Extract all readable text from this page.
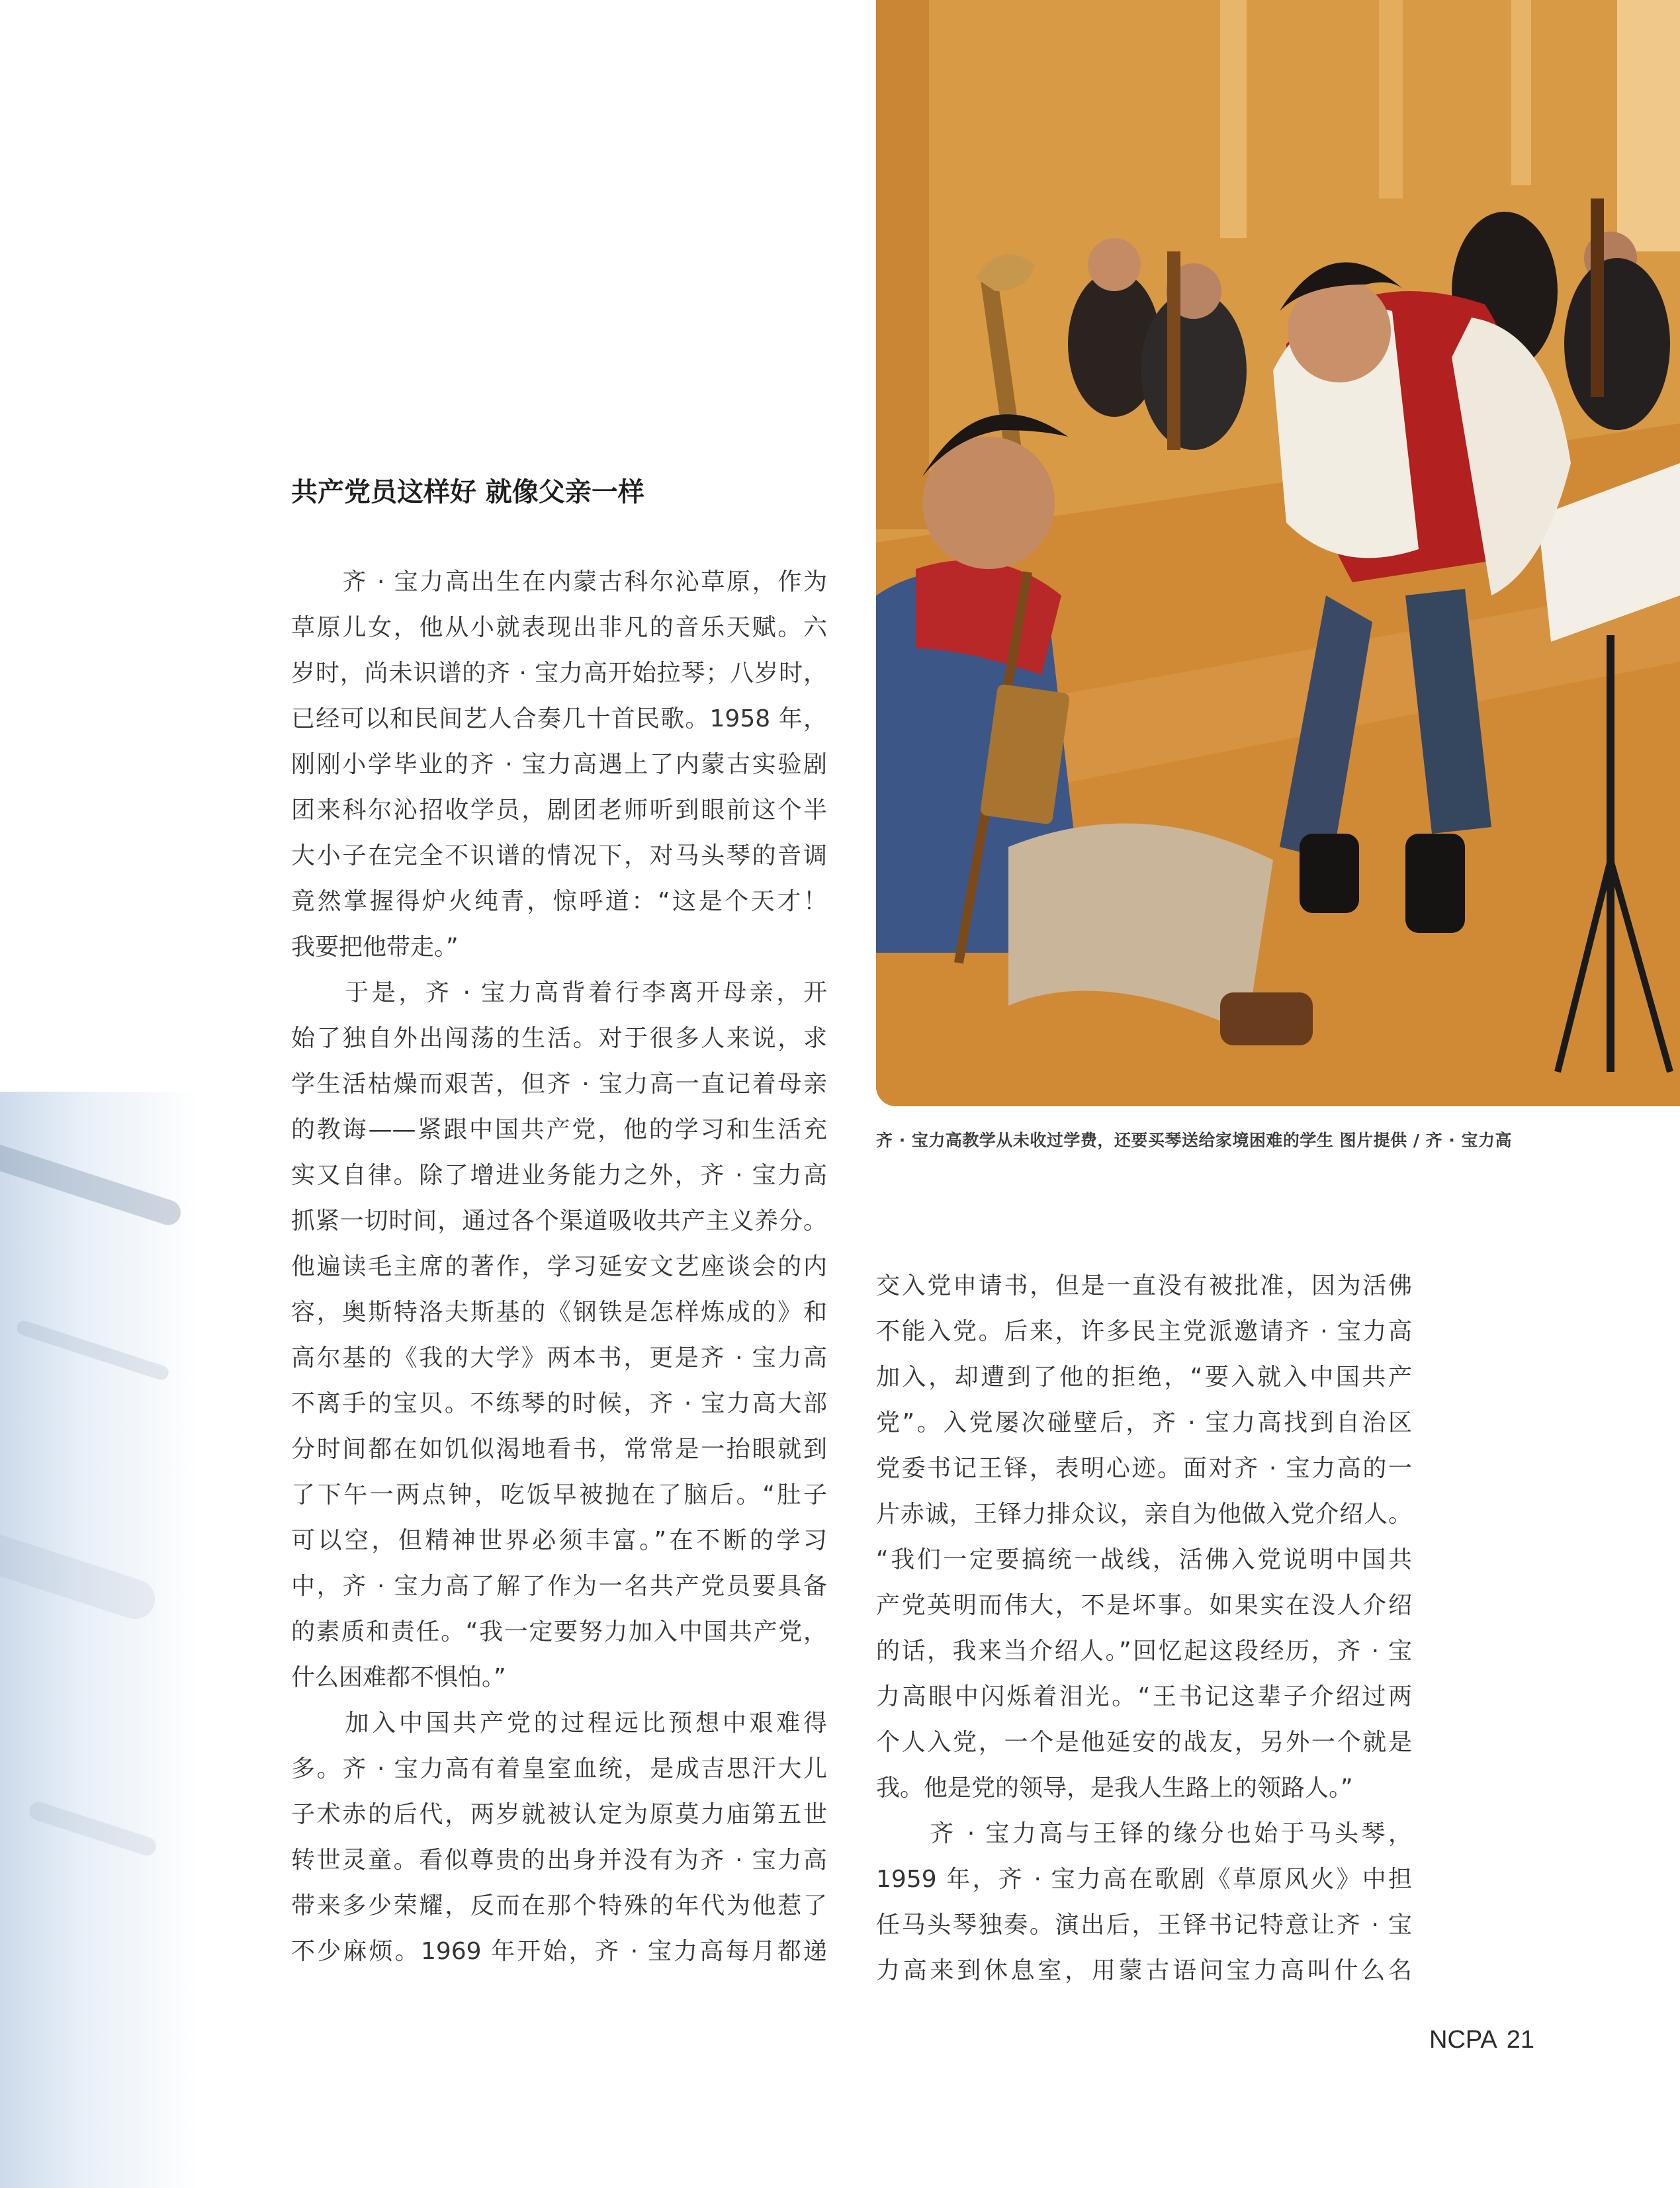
齐 · 宝力高教学从未收过学费，还要买琴送给家境困难的学生 图片提供 / 齐 · 宝力高
共产党员这样好 就像父亲一样
　　齐 · 宝力高出生在内蒙古科尔沁草原，作为
草原儿女，他从小就表现出非凡的音乐天赋。六
岁时，尚未识谱的齐 · 宝力高开始拉琴；八岁时，
已经可以和民间艺人合奏几十首民歌。1958 年，
刚刚小学毕业的齐 · 宝力高遇上了内蒙古实验剧
团来科尔沁招收学员，剧团老师听到眼前这个半
大小子在完全不识谱的情况下，对马头琴的音调
竟然掌握得炉火纯青，惊呼道：“这是个天才！
我要把他带走。”
　　于是，齐 · 宝力高背着行李离开母亲，开
始了独自外出闯荡的生活。对于很多人来说，求
学生活枯燥而艰苦，但齐 · 宝力高一直记着母亲
的教诲——紧跟中国共产党，他的学习和生活充
实又自律。除了增进业务能力之外，齐 · 宝力高
抓紧一切时间，通过各个渠道吸收共产主义养分。
他遍读毛主席的著作，学习延安文艺座谈会的内
容，奥斯特洛夫斯基的《钢铁是怎样炼成的》和
高尔基的《我的大学》两本书，更是齐 · 宝力高
不离手的宝贝。不练琴的时候，齐 · 宝力高大部
分时间都在如饥似渴地看书，常常是一抬眼就到
了下午一两点钟，吃饭早被抛在了脑后。“肚子
可以空，但精神世界必须丰富。”在不断的学习
中，齐 · 宝力高了解了作为一名共产党员要具备
的素质和责任。“我一定要努力加入中国共产党，
什么困难都不惧怕。”
　　加入中国共产党的过程远比预想中艰难得
多。齐 · 宝力高有着皇室血统，是成吉思汗大儿
子术赤的后代，两岁就被认定为原莫力庙第五世
转世灵童。看似尊贵的出身并没有为齐 · 宝力高
带来多少荣耀，反而在那个特殊的年代为他惹了
不少麻烦。1969 年开始，齐 · 宝力高每月都递
交入党申请书，但是一直没有被批准，因为活佛
不能入党。后来，许多民主党派邀请齐 · 宝力高
加入，却遭到了他的拒绝，“要入就入中国共产
党”。入党屡次碰壁后，齐 · 宝力高找到自治区
党委书记王铎，表明心迹。面对齐 · 宝力高的一
片赤诚，王铎力排众议，亲自为他做入党介绍人。
“我们一定要搞统一战线，活佛入党说明中国共
产党英明而伟大，不是坏事。如果实在没人介绍
的话，我来当介绍人。”回忆起这段经历，齐 · 宝
力高眼中闪烁着泪光。“王书记这辈子介绍过两
个人入党，一个是他延安的战友，另外一个就是
我。他是党的领导，是我人生路上的领路人。”
　　齐 · 宝力高与王铎的缘分也始于马头琴，
1959 年，齐 · 宝力高在歌剧《草原风火》中担
任马头琴独奏。演出后，王铎书记特意让齐 · 宝
力高来到休息室，用蒙古语问宝力高叫什么名
NCPA 21
